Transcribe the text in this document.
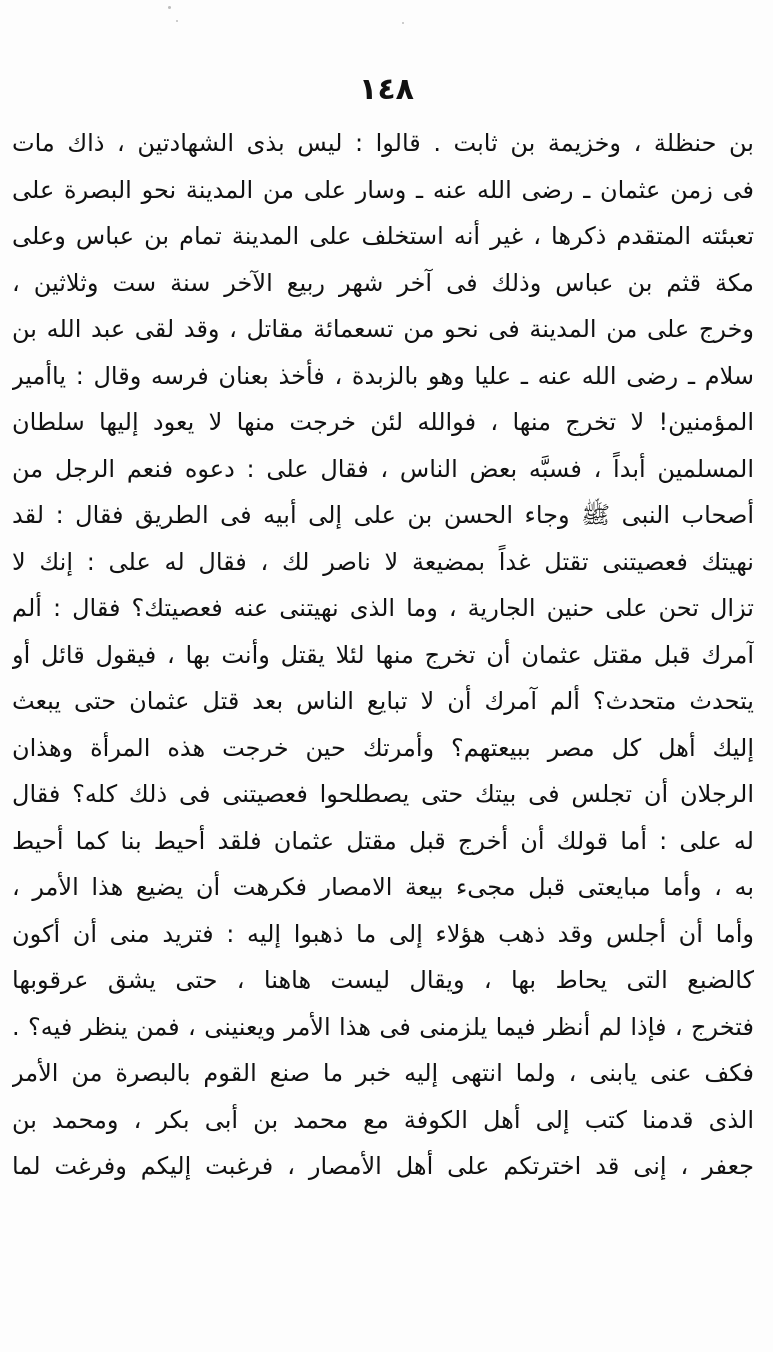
١٤٨
بن حنظلة ، وخزيمة بن ثابت . قالوا : ليس بذى الشهادتين ، ذاك مات
فى زمن عثمان ـ رضى الله عنه ـ وسار على من المدينة نحو البصرة على
تعبئته المتقدم ذكرها ، غير أنه استخلف على المدينة تمام بن عباس وعلى
مكة قثم بن عباس وذلك فى آخر شهر ربيع الآخر سنة ست وثلاثين ،
وخرج على من المدينة فى نحو من تسعمائة مقاتل ، وقد لقى عبد الله بن
سلام ـ رضى الله عنه ـ عليا وهو بالزبدة ، فأخذ بعنان فرسه وقال : ياأمير
المؤمنين! لا تخرج منها ، فوالله لئن خرجت منها لا يعود إليها سلطان
المسلمين أبداً ، فسبَّه بعض الناس ، فقال على : دعوه فنعم الرجل من
أصحاب النبى ﷺ وجاء الحسن بن على إلى أبيه فى الطريق فقال : لقد
نهيتك فعصيتنى تقتل غداً بمضيعة لا ناصر لك ، فقال له على : إنك لا
تزال تحن على حنين الجارية ، وما الذى نهيتنى عنه فعصيتك؟ فقال : ألم
آمرك قبل مقتل عثمان أن تخرج منها لئلا يقتل وأنت بها ، فيقول قائل أو
يتحدث متحدث؟ ألم آمرك أن لا تبايع الناس بعد قتل عثمان حتى يبعث
إليك أهل كل مصر ببيعتهم؟ وأمرتك حين خرجت هذه المرأة وهذان
الرجلان أن تجلس فى بيتك حتى يصطلحوا فعصيتنى فى ذلك كله؟ فقال
له على : أما قولك أن أخرج قبل مقتل عثمان فلقد أحيط بنا كما أحيط
به ، وأما مبايعتى قبل مجىء بيعة الامصار فكرهت أن يضيع هذا الأمر ،
وأما أن أجلس وقد ذهب هؤلاء إلى ما ذهبوا إليه : فتريد منى أن أكون
كالضبع التى يحاط بها ، ويقال ليست هاهنا ، حتى يشق عرقوبها
فتخرج ، فإذا لم أنظر فيما يلزمنى فى هذا الأمر ويعنينى ، فمن ينظر فيه؟ .
فكف عنى يابنى ، ولما انتهى إليه خبر ما صنع القوم بالبصرة من الأمر
الذى قدمنا كتب إلى أهل الكوفة مع محمد بن أبى بكر ، ومحمد بن
جعفر ، إنى قد اخترتكم على أهل الأمصار ، فرغبت إليكم وفرغت لما
